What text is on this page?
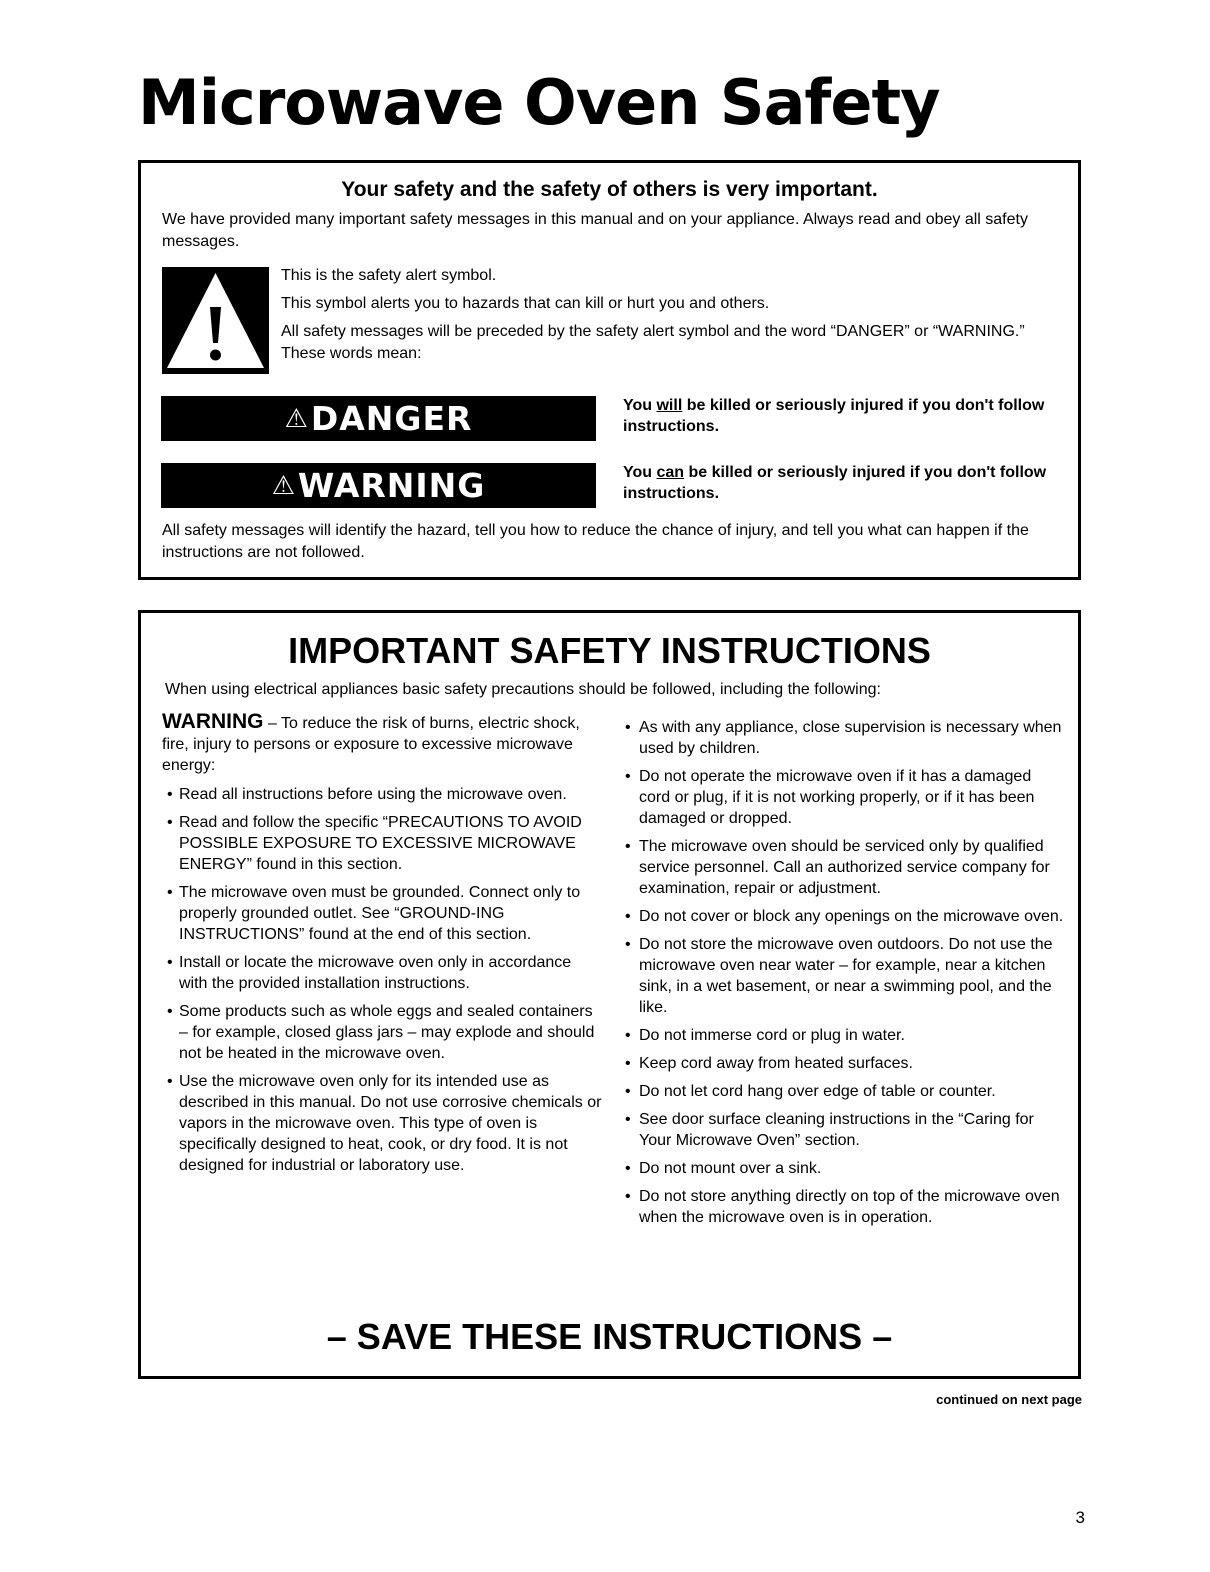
Microwave Oven Safety
Your safety and the safety of others is very important.
We have provided many important safety messages in this manual and on your appliance. Always read and obey all safety messages.

This is the safety alert symbol.

This symbol alerts you to hazards that can kill or hurt you and others.

All safety messages will be preceded by the safety alert symbol and the word “DANGER” or “WARNING.” These words mean:

⚠ DANGER	You will be killed or seriously injured if you don't follow instructions.
⚠ WARNING	You can be killed or seriously injured if you don't follow instructions.
All safety messages will identify the hazard, tell you how to reduce the chance of injury, and tell you what can happen if the instructions are not followed.
IMPORTANT SAFETY INSTRUCTIONS
When using electrical appliances basic safety precautions should be followed, including the following:

WARNING – To reduce the risk of burns, electric shock, fire, injury to persons or exposure to excessive microwave energy:

• Read all instructions before using the microwave oven.
• Read and follow the specific “PRECAUTIONS TO AVOID POSSIBLE EXPOSURE TO EXCESSIVE MICROWAVE ENERGY” found in this section.
• The microwave oven must be grounded. Connect only to properly grounded outlet. See “GROUND-ING INSTRUCTIONS” found at the end of this section.
• Install or locate the microwave oven only in accordance with the provided installation instructions.
• Some products such as whole eggs and sealed containers – for example, closed glass jars – may explode and should not be heated in the microwave oven.
• Use the microwave oven only for its intended use as described in this manual. Do not use corrosive chemicals or vapors in the microwave oven. This type of oven is specifically designed to heat, cook, or dry food. It is not designed for industrial or laboratory use.
• As with any appliance, close supervision is necessary when used by children.
• Do not operate the microwave oven if it has a damaged cord or plug, if it is not working properly, or if it has been damaged or dropped.
• The microwave oven should be serviced only by qualified service personnel. Call an authorized service company for examination, repair or adjustment.
• Do not cover or block any openings on the microwave oven.
• Do not store the microwave oven outdoors. Do not use the microwave oven near water – for example, near a kitchen sink, in a wet basement, or near a swimming pool, and the like.
• Do not immerse cord or plug in water.
• Keep cord away from heated surfaces.
• Do not let cord hang over edge of table or counter.
• See door surface cleaning instructions in the “Caring for Your Microwave Oven” section.
• Do not mount over a sink.
• Do not store anything directly on top of the microwave oven when the microwave oven is in operation.
– SAVE THESE INSTRUCTIONS –
continued on next page
3
